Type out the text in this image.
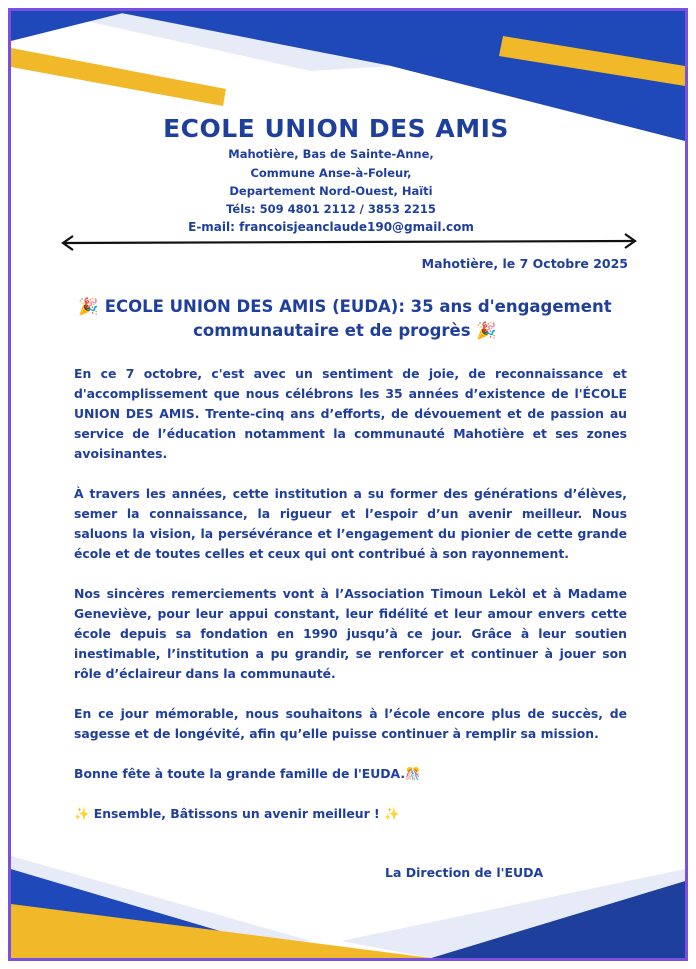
ECOLE UNION DES AMIS
Mahotière, Bas de Sainte-Anne,
Commune Anse-à-Foleur,
Departement Nord-Ouest, Haïti
Téls: 509 4801 2112 / 3853 2215
E-mail: francoisjeanclaude190@gmail.com
Mahotière, le 7 Octobre 2025
🎉 ECOLE UNION DES AMIS (EUDA): 35 ans d'engagement communautaire et de progrès 🎉
En ce 7 octobre, c'est avec un sentiment de joie, de reconnaissance et d'accomplissement que nous célébrons les 35 années d’existence de l'ÉCOLE UNION DES AMIS. Trente-cinq ans d’efforts, de dévouement et de passion au service de l’éducation notamment la communauté Mahotière et ses zones avoisinantes.
À travers les années, cette institution a su former des générations d’élèves, semer la connaissance, la rigueur et l’espoir d’un avenir meilleur. Nous saluons la vision, la persévérance et l’engagement du pionier de cette grande école et de toutes celles et ceux qui ont contribué à son rayonnement.
Nos sincères remerciements vont à l’Association Timoun Lekòl et à Madame Geneviève, pour leur appui constant, leur fidélité et leur amour envers cette école depuis sa fondation en 1990 jusqu’à ce jour. Grâce à leur soutien inestimable, l’institution a pu grandir, se renforcer et continuer à jouer son rôle d’éclaireur dans la communauté.
En ce jour mémorable, nous souhaitons à l’école encore plus de succès, de sagesse et de longévité, afin qu’elle puisse continuer à remplir sa mission.
Bonne fête à toute la grande famille de l'EUDA.🎊
✨ Ensemble, Bâtissons un avenir meilleur ! ✨
La Direction de l'EUDA
